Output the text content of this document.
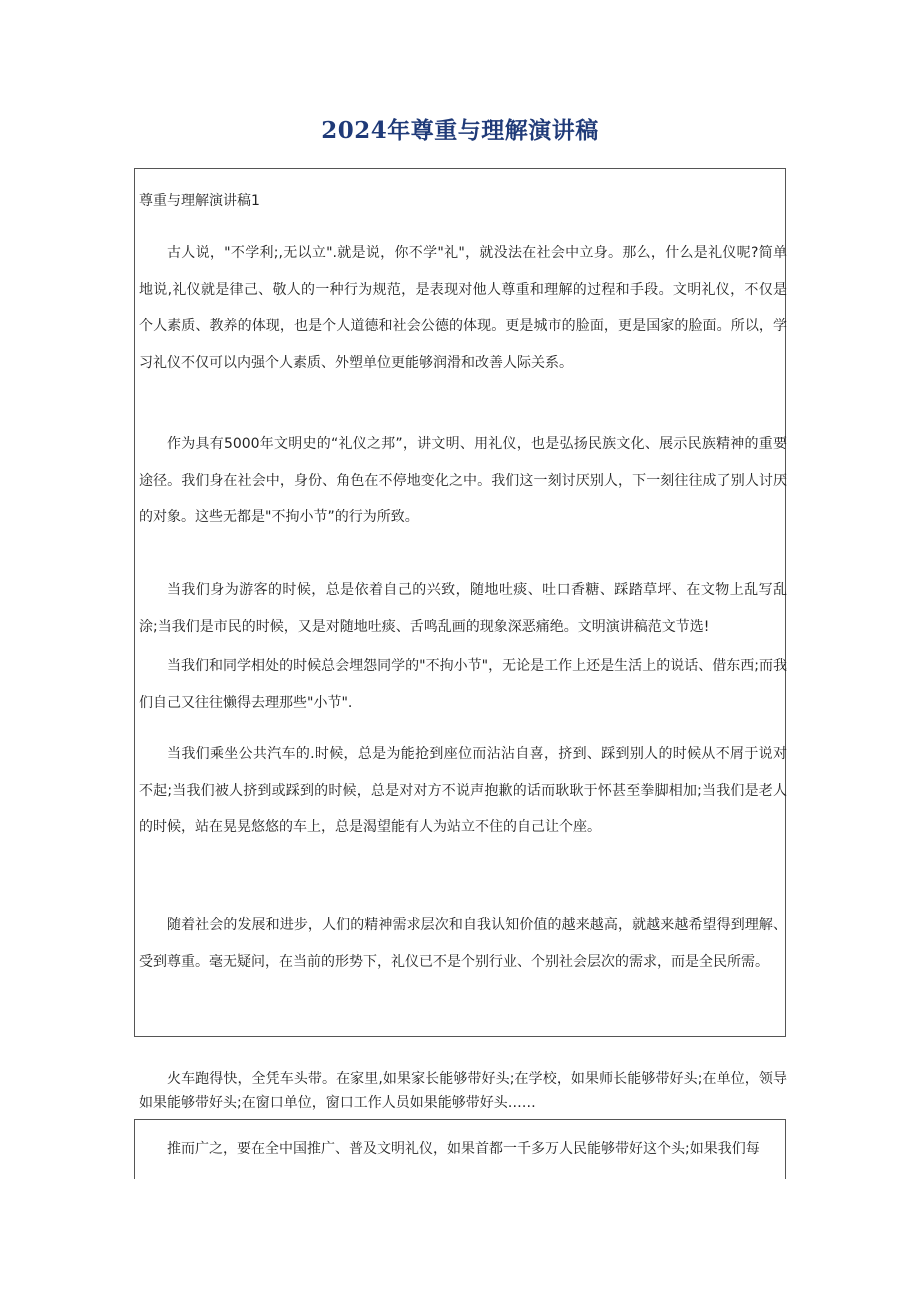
2024年尊重与理解演讲稿
尊重与理解演讲稿1

古人说，"不学利;,无以立".就是说，你不学"礼"，就没法在社会中立身。那么，什么是礼仪呢?简单地说,礼仪就是律己、敬人的一种行为规范，是表现对他人尊重和理解的过程和手段。文明礼仪，不仅是个人素质、教养的体现，也是个人道德和社会公德的体现。更是城市的脸面，更是国家的脸面。所以，学习礼仪不仅可以内强个人素质、外塑单位更能够润滑和改善人际关系。

作为具有5000年文明史的“礼仪之邦”，讲文明、用礼仪，也是弘扬民族文化、展示民族精神的重要途径。我们身在社会中，身份、角色在不停地变化之中。我们这一刻讨厌别人，下一刻往往成了别人讨厌的对象。这些无都是"不拘小节”的行为所致。

当我们身为游客的时候，总是依着自己的兴致，随地吐痰、吐口香糖、踩踏草坪、在文物上乱写乱涂;当我们是市民的时候，又是对随地吐痰、舌鸣乱画的现象深恶痛绝。文明演讲稿范文节选!

当我们和同学相处的时候总会埋怨同学的"不拘小节"，无论是工作上还是生活上的说话、借东西;而我们自己又往往懒得去理那些"小节".

当我们乘坐公共汽车的.时候，总是为能抢到座位而沾沾自喜，挤到、踩到别人的时候从不屑于说对不起;当我们被人挤到或踩到的时候，总是对对方不说声抱歉的话而耿耿于怀甚至拳脚相加;当我们是老人的时候，站在晃晃悠悠的车上，总是渴望能有人为站立不住的自己让个座。

随着社会的发展和进步，人们的精神需求层次和自我认知价值的越来越高，就越来越希望得到理解、受到尊重。毫无疑问，在当前的形势下，礼仪已不是个别行业、个别社会层次的需求，而是全民所需。

火车跑得快，全凭车头带。在家里,如果家长能够带好头;在学校，如果师长能够带好头;在单位，领导如果能够带好头;在窗口单位，窗口工作人员如果能够带好头……

推而广之，要在全中国推广、普及文明礼仪，如果首都一千多万人民能够带好这个头;如果我们每
